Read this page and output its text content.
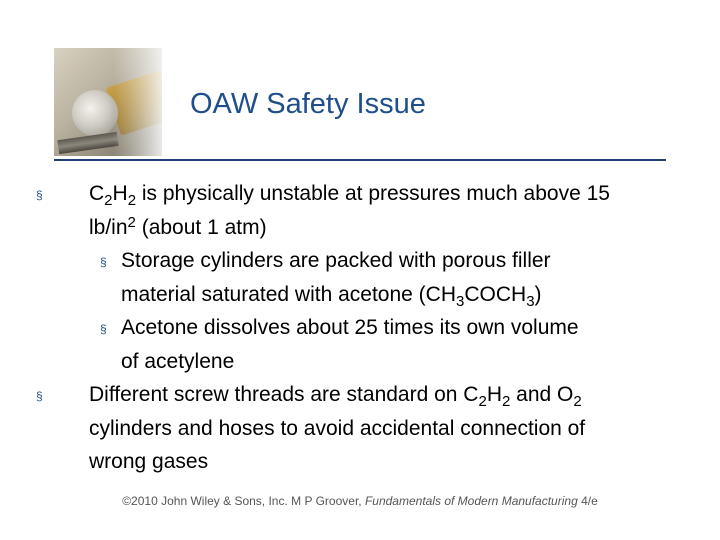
OAW Safety Issue
§ $C_2H_2$ is physically unstable at pressures much above 15
$lb/in^2$ (about 1 atm)
§ Storage cylinders are packed with porous filler
material saturated with acetone $(CH_3COCH_3)$
§ Acetone dissolves about 25 times its own volume
of acetylene
§ Different screw threads are standard on $C_2H_2$ and $O_2$
cylinders and hoses to avoid accidental connection of
wrong gases
©2010 John Wiley & Sons, Inc. M P Groover, Fundamentals of Modern Manufacturing 4/e
